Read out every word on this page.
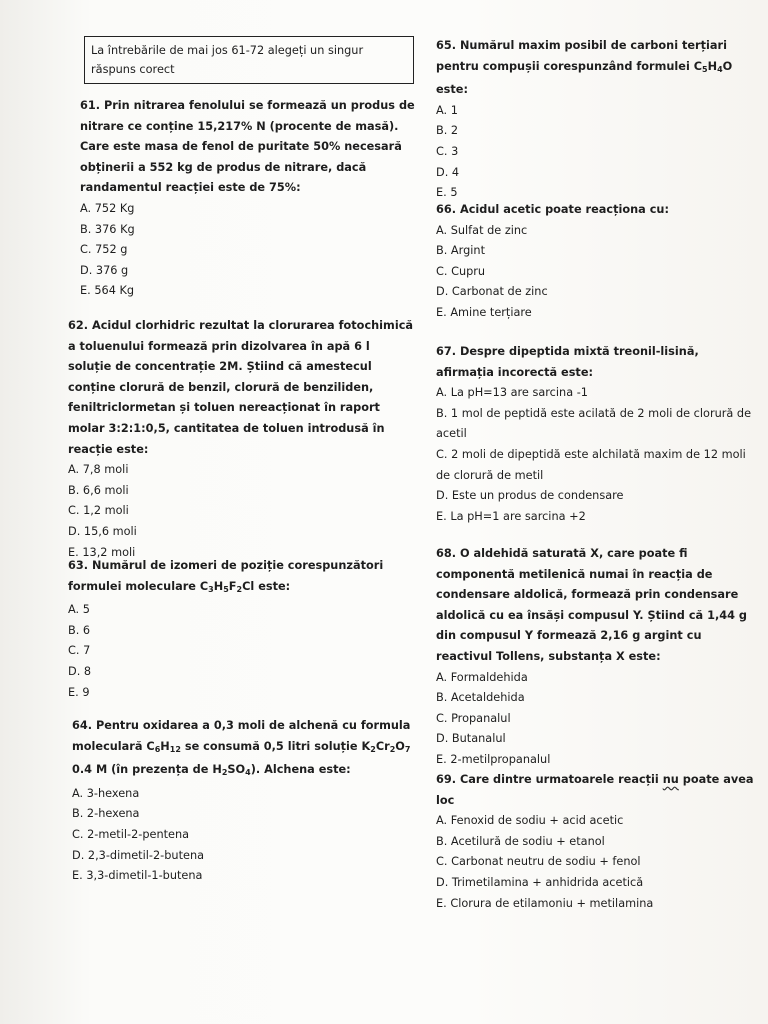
La întrebările de mai jos 61-72 alegeți un singur răspuns corect
61. Prin nitrarea fenolului se formează un produs de nitrare ce conține 15,217% N (procente de masă). Care este masa de fenol de puritate 50% necesară obținerii a 552 kg de produs de nitrare, dacă randamentul reacției este de 75%:
A. 752 Kg
B. 376 Kg
C. 752 g
D. 376 g
E. 564 Kg
62. Acidul clorhidric rezultat la clorurarea fotochimică a toluenului formează prin dizolvarea în apă 6 l soluție de concentrație 2M. Știind că amestecul conține clorură de benzil, clorură de benziliden, feniltriclormetan și toluen nereacționat în raport molar 3:2:1:0,5, cantitatea de toluen introdusă în reacție este:
A. 7,8 moli
B. 6,6 moli
C. 1,2 moli
D. 15,6 moli
E. 13,2 moli
63. Numărul de izomeri de poziție corespunzători formulei moleculare $C_3H_5F_2Cl$ este:
A. 5
B. 6
C. 7
D. 8
E. 9
64. Pentru oxidarea a 0,3 moli de alchenă cu formula moleculară $C_6H_{12}$ se consumă 0,5 litri soluție $K_2Cr_2O_7$ 0.4 M (în prezența de $H_2SO_4$). Alchena este:
A. 3-hexena
B. 2-hexena
C. 2-metil-2-pentena
D. 2,3-dimetil-2-butena
E. 3,3-dimetil-1-butena
65. Numărul maxim posibil de carboni terțiari pentru compușii corespunzând formulei $C_5H_4O$ este:
A. 1
B. 2
C. 3
D. 4
E. 5
66. Acidul acetic poate reacționa cu:
A. Sulfat de zinc
B. Argint
C. Cupru
D. Carbonat de zinc
E. Amine terțiare
67. Despre dipeptida mixtă treonil-lisină, afirmația incorectă este:
A. La pH=13 are sarcina -1
B. 1 mol de peptidă este acilată de 2 moli de clorură de acetil
C. 2 moli de dipeptidă este alchilată maxim de 12 moli de clorură de metil
D. Este un produs de condensare
E. La pH=1 are sarcina +2
68. O aldehidă saturată X, care poate fi componentă metilenică numai în reacția de condensare aldolică, formează prin condensare aldolică cu ea însăși compusul Y. Știind că 1,44 g din compusul Y formează 2,16 g argint cu reactivul Tollens, substanța X este:
A. Formaldehida
B. Acetaldehida
C. Propanalul
D. Butanalul
E. 2-metilpropanalul
69. Care dintre urmatoarele reacții nu poate avea loc
A. Fenoxid de sodiu + acid acetic
B. Acetilură de sodiu + etanol
C. Carbonat neutru de sodiu + fenol
D. Trimetilamina + anhidrida acetică
E. Clorura de etilamoniu + metilamina
